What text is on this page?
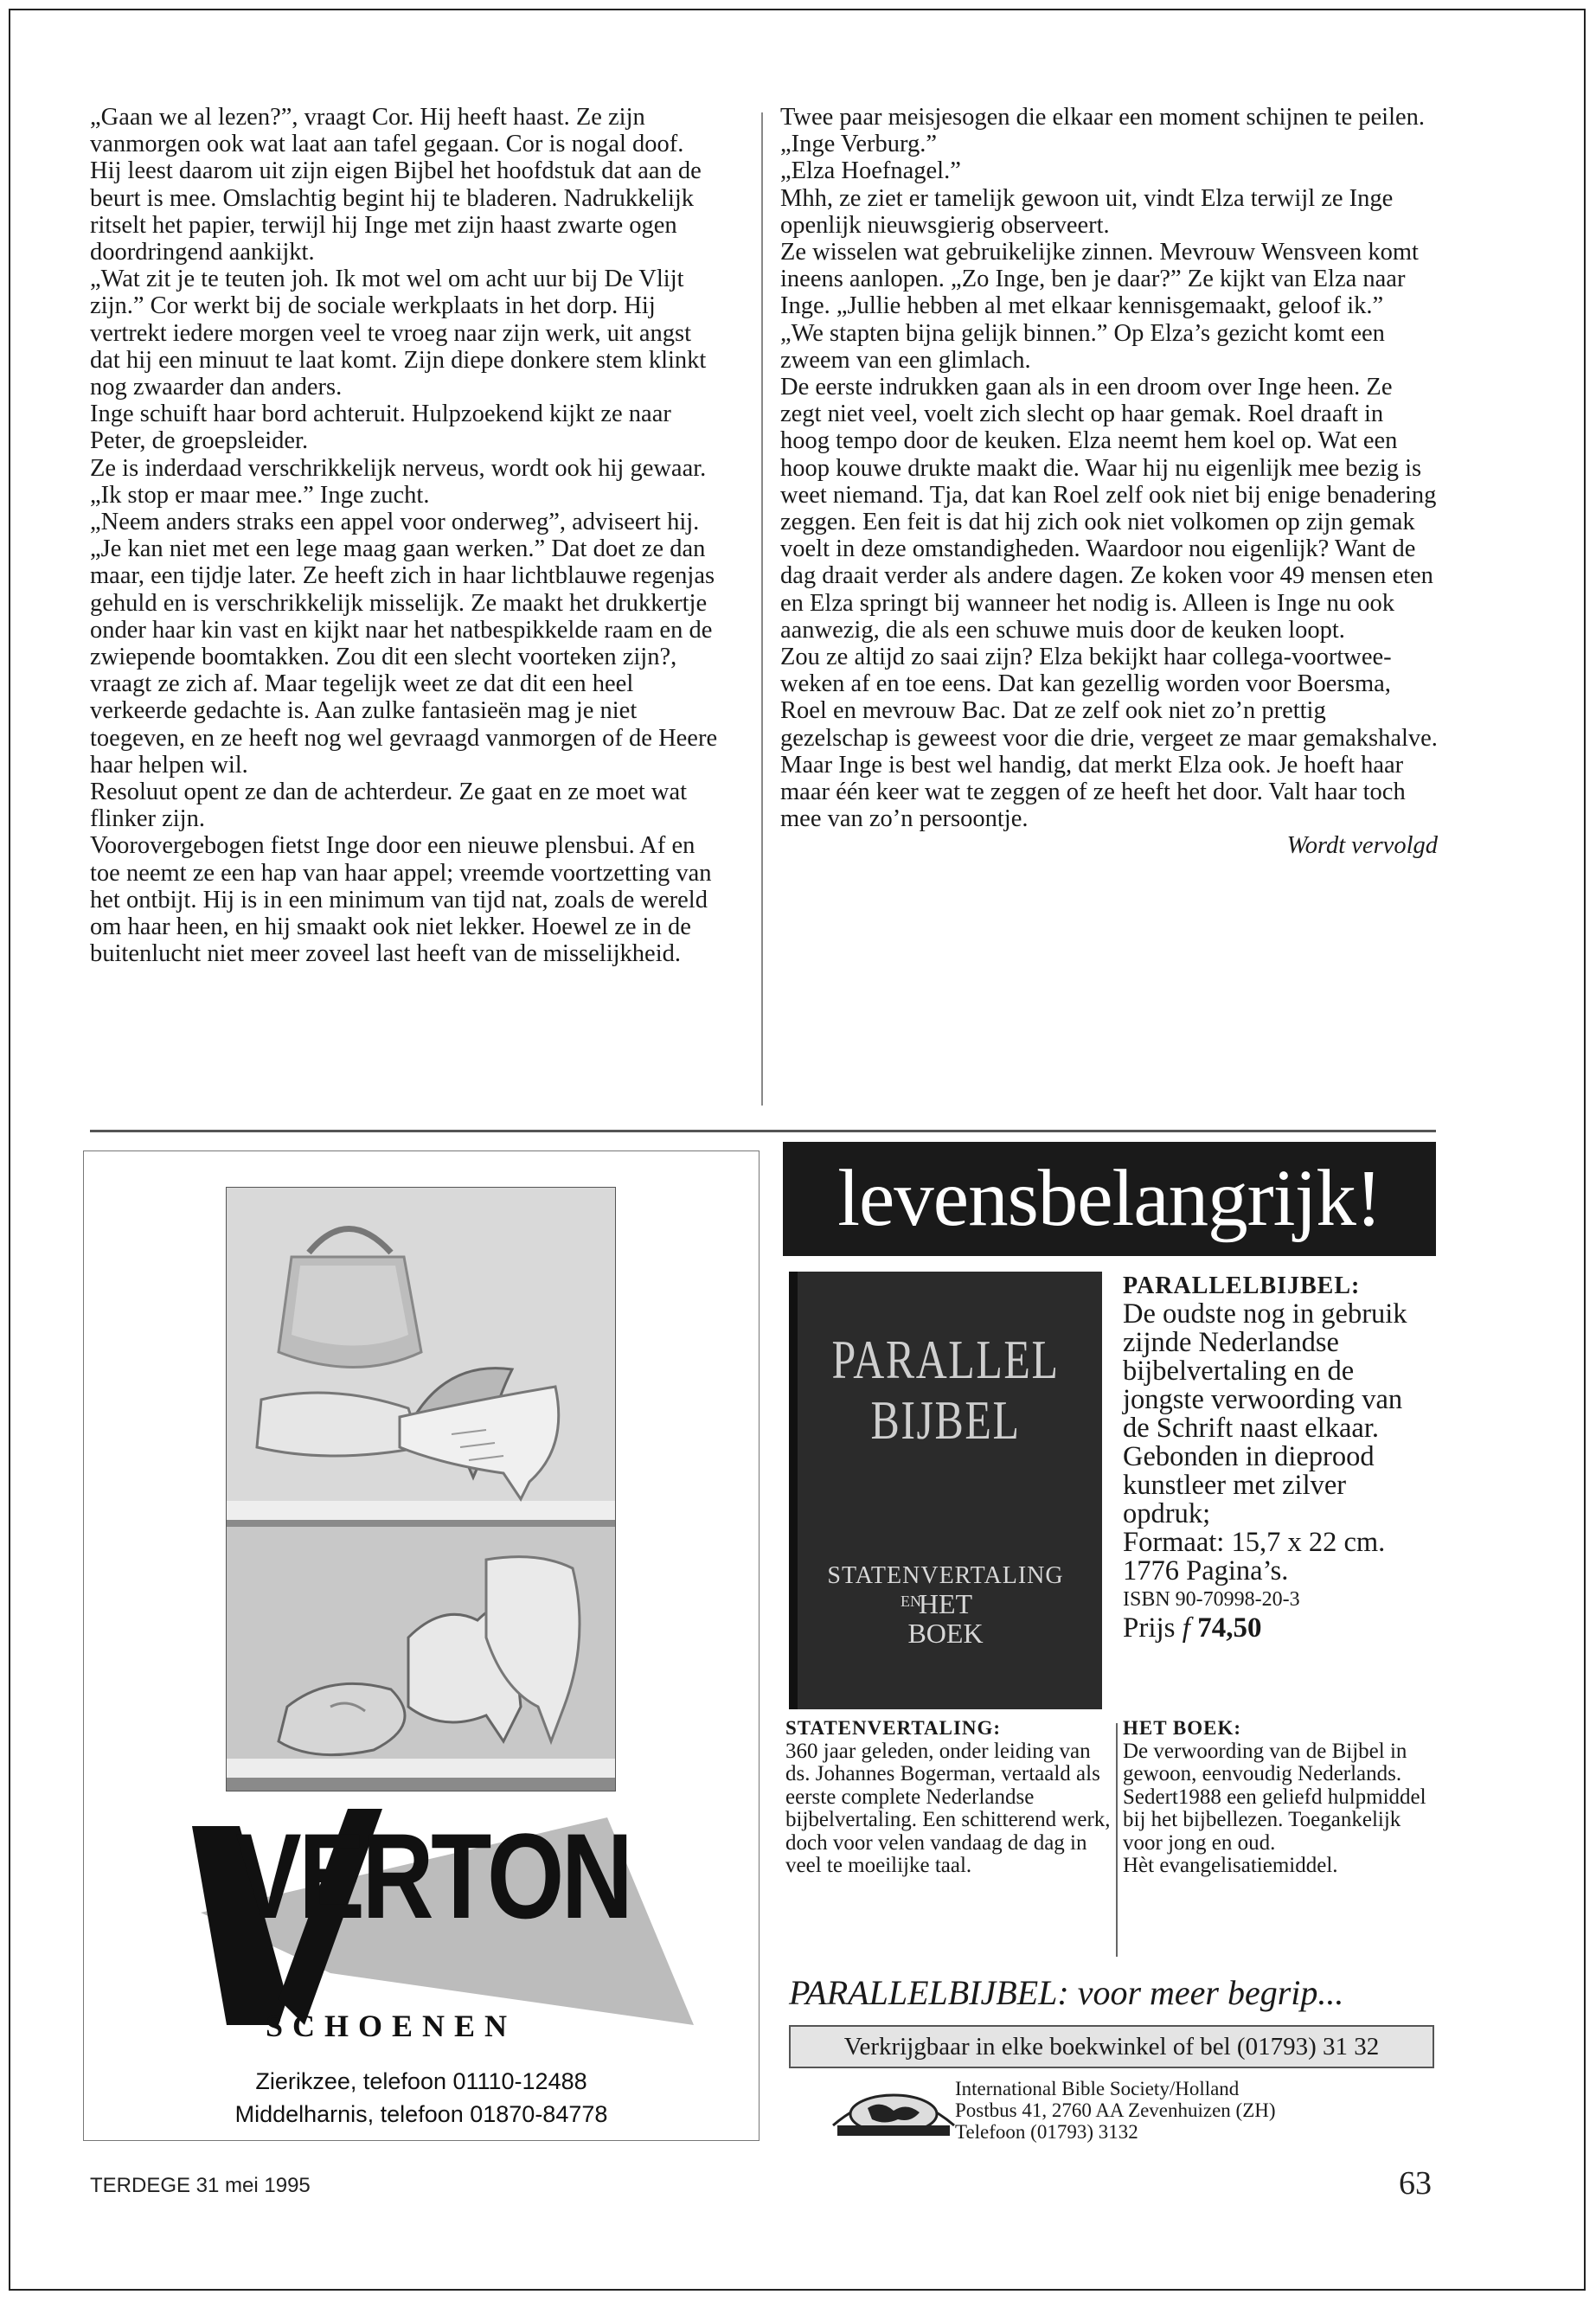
„Gaan we al lezen?”, vraagt Cor. Hij heeft haast. Ze zijn vanmorgen ook wat laat aan tafel gegaan. Cor is nogal doof. Hij leest daarom uit zijn eigen Bijbel het hoofdstuk dat aan de beurt is mee. Omslachtig begint hij te bladeren. Nadrukkelijk ritselt het papier, terwijl hij Inge met zijn haast zwarte ogen doordringend aankijkt.

„Wat zit je te teuten joh. Ik mot wel om acht uur bij De Vlijt zijn.” Cor werkt bij de sociale werkplaats in het dorp. Hij vertrekt iedere morgen veel te vroeg naar zijn werk, uit angst dat hij een minuut te laat komt. Zijn diepe donkere stem klinkt nog zwaarder dan anders.

Inge schuift haar bord achteruit. Hulpzoekend kijkt ze naar Peter, de groepsleider.

Ze is inderdaad verschrikkelijk nerveus, wordt ook hij gewaar.

„Ik stop er maar mee.” Inge zucht.

„Neem anders straks een appel voor onderweg”, adviseert hij. „Je kan niet met een lege maag gaan werken.” Dat doet ze dan maar, een tijdje later. Ze heeft zich in haar lichtblauwe regenjas gehuld en is verschrikkelijk misselijk. Ze maakt het drukkertje onder haar kin vast en kijkt naar het natbespikkelde raam en de zwiepende boomtakken. Zou dit een slecht voorteken zijn?, vraagt ze zich af. Maar tegelijk weet ze dat dit een heel verkeerde gedachte is. Aan zulke fantasieën mag je niet toegeven, en ze heeft nog wel gevraagd vanmorgen of de Heere haar helpen wil.

Resoluut opent ze dan de achterdeur. Ze gaat en ze moet wat flinker zijn.

Voorovergebogen fietst Inge door een nieuwe plensbui. Af en toe neemt ze een hap van haar appel; vreemde voortzetting van het ontbijt. Hij is in een minimum van tijd nat, zoals de wereld om haar heen, en hij smaakt ook niet lekker. Hoewel ze in de buitenlucht niet meer zoveel last heeft van de misselijkheid.

Twee paar meisjesogen die elkaar een moment schijnen te peilen.

„Inge Verburg.”

„Elza Hoefnagel.”

Mhh, ze ziet er tamelijk gewoon uit, vindt Elza terwijl ze Inge openlijk nieuwsgierig observeert.

Ze wisselen wat gebruikelijke zinnen. Mevrouw Wensveen komt ineens aanlopen. „Zo Inge, ben je daar?” Ze kijkt van Elza naar Inge. „Jullie hebben al met elkaar kennisgemaakt, geloof ik.”

„We stapten bijna gelijk binnen.” Op Elza’s gezicht komt een zweem van een glimlach.

De eerste indrukken gaan als in een droom over Inge heen. Ze zegt niet veel, voelt zich slecht op haar gemak. Roel draaft in hoog tempo door de keuken. Elza neemt hem koel op. Wat een hoop kouwe drukte maakt die. Waar hij nu eigenlijk mee bezig is weet niemand. Tja, dat kan Roel zelf ook niet bij enige benadering zeggen. Een feit is dat hij zich ook niet volkomen op zijn gemak voelt in deze omstandigheden. Waardoor nou eigenlijk? Want de dag draait verder als andere dagen. Ze koken voor 49 mensen eten en Elza springt bij wanneer het nodig is. Alleen is Inge nu ook aanwezig, die als een schuwe muis door de keuken loopt.

Zou ze altijd zo saai zijn? Elza bekijkt haar collega-voortwee-weken af en toe eens. Dat kan gezellig worden voor Boersma, Roel en mevrouw Bac. Dat ze zelf ook niet zo’n prettig gezelschap is geweest voor die drie, vergeet ze maar gemakshalve.

Maar Inge is best wel handig, dat merkt Elza ook. Je hoeft haar maar één keer wat te zeggen of ze heeft het door. Valt haar toch mee van zo’n persoontje.

Wordt vervolgd

VERTON
SCHOENEN
Zierikzee, telefoon 01110-12488
Middelharnis, telefoon 01870-84778
levensbelangrijk!
PARALLEL
BIJBEL
STATENVERTALING
EN
HET
BOEK
PARALLELBIJBEL:
De oudste nog in gebruik zijnde Nederlandse bijbelvertaling en de jongste verwoording van de Schrift naast elkaar. Gebonden in dieprood kunstleer met zilver opdruk;
Formaat: 15,7 x 22 cm.
1776 Pagina’s.
ISBN 90-70998-20-3
Prijs f 74,50
STATENVERTALING:
360 jaar geleden, onder leiding van ds. Johannes Bogerman, vertaald als eerste complete Nederlandse bijbelvertaling. Een schitterend werk, doch voor velen vandaag de dag in veel te moeilijke taal.
HET BOEK:
De verwoording van de Bijbel in gewoon, eenvoudig Nederlands. Sedert1988 een geliefd hulpmiddel bij het bijbellezen. Toegankelijk voor jong en oud.
Hèt evangelisatiemiddel.
PARALLELBIJBEL: voor meer begrip...
Verkrijgbaar in elke boekwinkel of bel (01793) 31 32
International Bible Society/Holland
Postbus 41, 2760 AA Zevenhuizen (ZH)
Telefoon (01793) 3132
TERDEGE 31 mei 1995	63
